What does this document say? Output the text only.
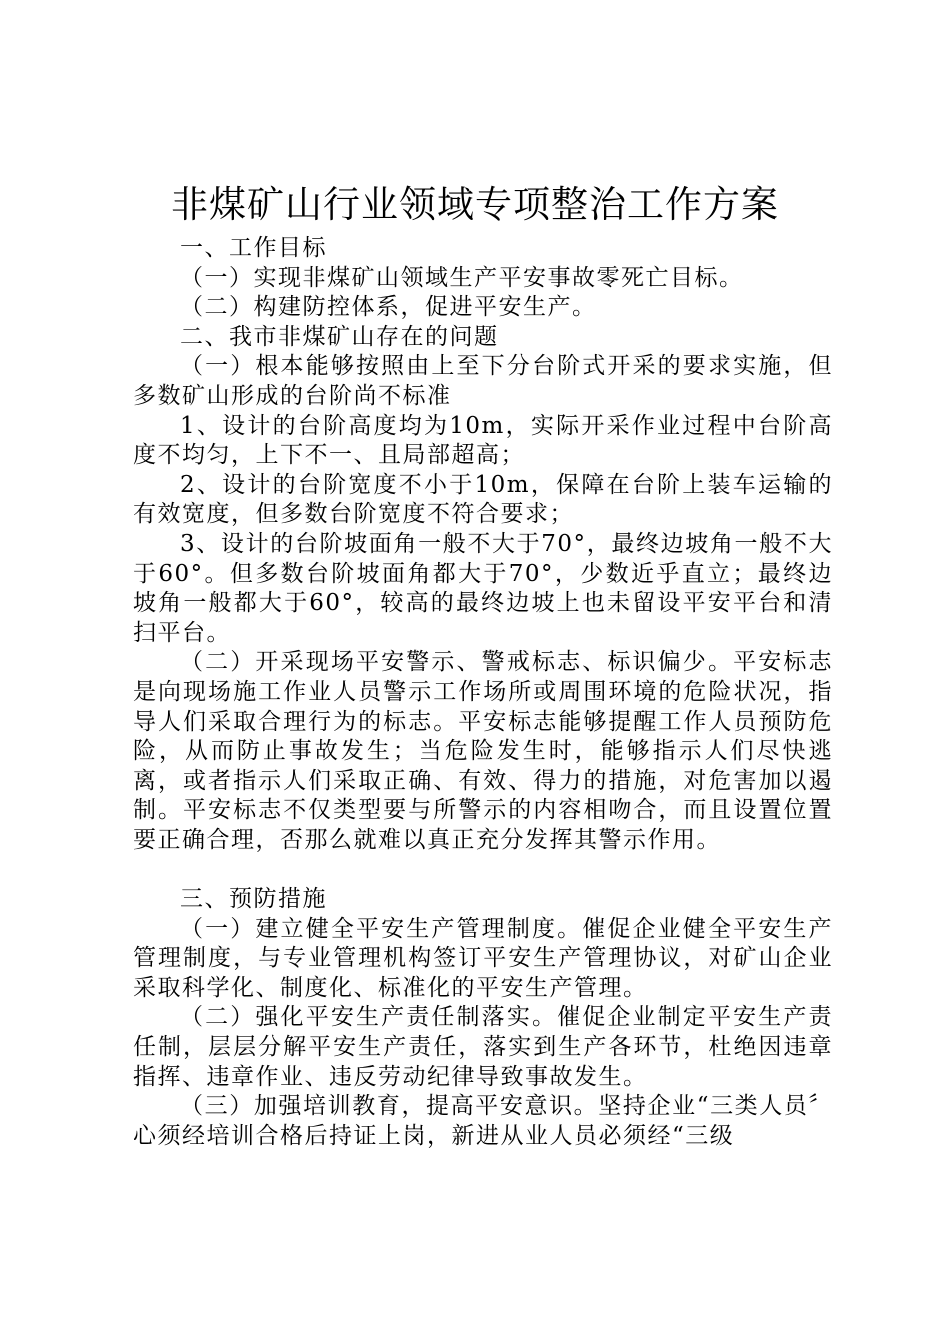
非煤矿山行业领域专项整治工作方案

一、工作目标

（一）实现非煤矿山领域生产平安事故零死亡目标。

（二）构建防控体系，促进平安生产。

二、我市非煤矿山存在的问题

（一）根本能够按照由上至下分台阶式开采的要求实施，但多数矿山形成的台阶尚不标准

1、设计的台阶高度均为10m，实际开采作业过程中台阶高度不均匀，上下不一、且局部超高；

2、设计的台阶宽度不小于10m，保障在台阶上装车运输的有效宽度，但多数台阶宽度不符合要求；

3、设计的台阶坡面角一般不大于70°，最终边坡角一般不大于60°。但多数台阶坡面角都大于70°，少数近乎直立；最终边坡角一般都大于60°，较高的最终边坡上也未留设平安平台和清扫平台。

（二）开采现场平安警示、警戒标志、标识偏少。平安标志是向现场施工作业人员警示工作场所或周围环境的危险状况，指导人们采取合理行为的标志。平安标志能够提醒工作人员预防危险，从而防止事故发生；当危险发生时，能够指示人们尽快逃离，或者指示人们采取正确、有效、得力的措施，对危害加以遏制。平安标志不仅类型要与所警示的内容相吻合，而且设置位置要正确合理，否那么就难以真正充分发挥其警示作用。

三、预防措施

（一）建立健全平安生产管理制度。催促企业健全平安生产管理制度，与专业管理机构签订平安生产管理协议，对矿山企业采取科学化、制度化、标准化的平安生产管理。

（二）强化平安生产责任制落实。催促企业制定平安生产责任制，层层分解平安生产责任，落实到生产各环节，杜绝因违章指挥、违章作业、违反劳动纪律导致事故发生。

（三）加强培训教育，提高平安意识。坚持企业“三类人员〞心须经培训合格后持证上岗，新进从业人员必须经“三级
